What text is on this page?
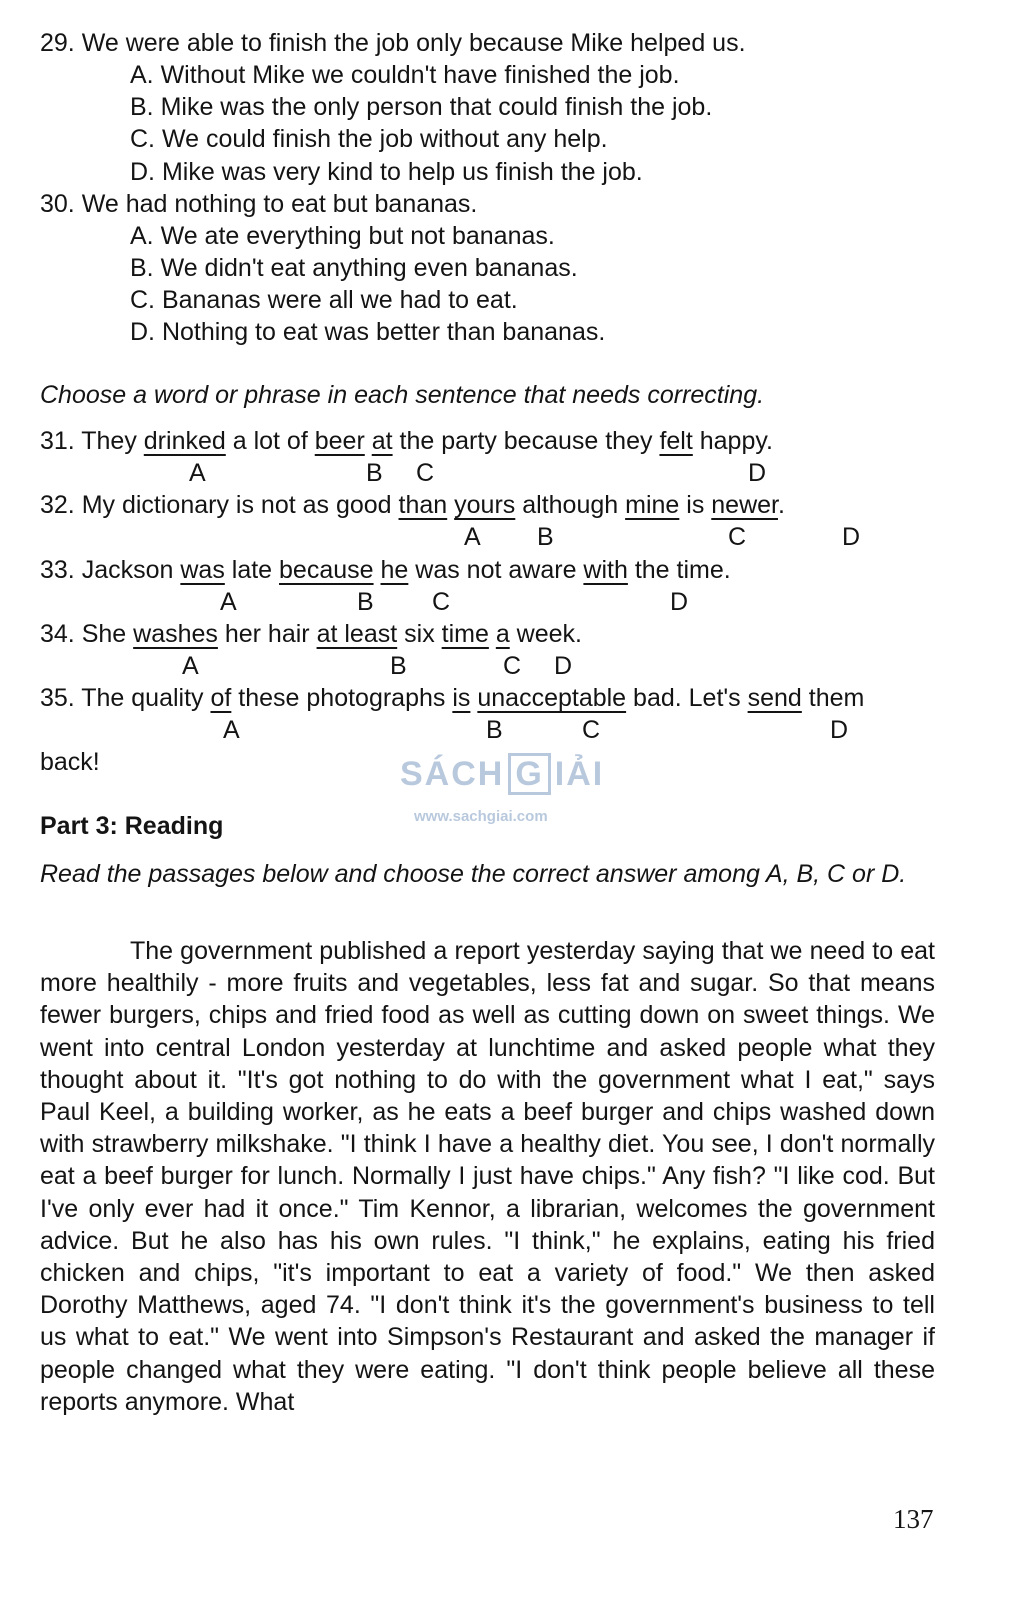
29. We were able to finish the job only because Mike helped us.
A. Without Mike we couldn't have finished the job.
B. Mike was the only person that could finish the job.
C. We could finish the job without any help.
D. Mike was very kind to help us finish the job.
30. We had nothing to eat but bananas.
A. We ate everything but not bananas.
B. We didn't eat anything even bananas.
C. Bananas were all we had to eat.
D. Nothing to eat was better than bananas.
Choose a word or phrase in each sentence that needs correcting.
31. They drinked a lot of beer at the party because they felt happy.
A	B C	D
32. My dictionary is not as good than yours although mine is newer.
A B	C	D
33. Jackson was late because he was not aware with the time.
A	B C	D
34. She washes her hair at least six time a week.
A	B	C D
35. The quality of these photographs is unacceptable bad. Let's send them
A	B	C	D
back!	SÁCH G IẢI
www.sachgiai.com
Part 3: Reading
Read the passages below and choose the correct answer among A, B, C or D.
The government published a report yesterday saying that we need to eat more healthily - more fruits and vegetables, less fat and sugar. So that means fewer burgers, chips and fried food as well as cutting down on sweet things. We went into central London yesterday at lunchtime and asked people what they thought about it. "It's got nothing to do with the government what I eat," says Paul Keel, a building worker, as he eats a beef burger and chips washed down with strawberry milkshake. "I think I have a healthy diet. You see, I don't normally eat a beef burger for lunch. Normally I just have chips." Any fish? "I like cod. But I've only ever had it once." Tim Kennor, a librarian, welcomes the government advice. But he also has his own rules. "I think," he explains, eating his fried chicken and chips, "it's important to eat a variety of food." We then asked Dorothy Matthews, aged 74. "I don't think it's the government's business to tell us what to eat." We went into Simpson's Restaurant and asked the manager if people changed what they were eating. "I don't think people believe all these reports anymore. What
137
